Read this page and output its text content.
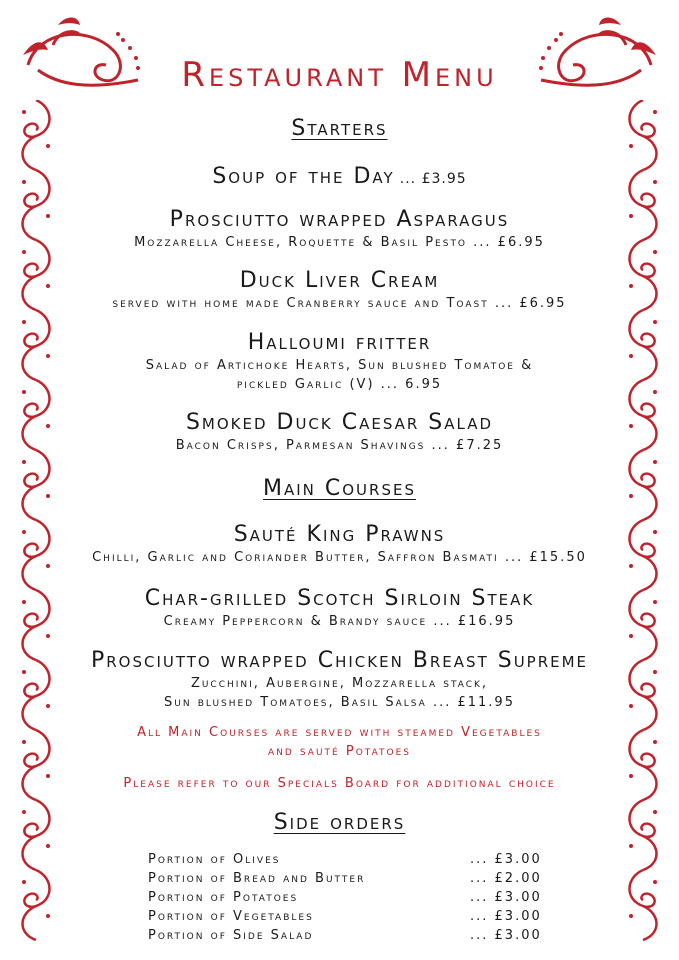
Restaurant Menu
Starters
Soup of the Day ... £3.95
Prosciutto wrapped Asparagus
Mozzarella Cheese, Roquette & Basil Pesto ... £6.95
Duck Liver Cream
served with home made Cranberry sauce and Toast ... £6.95
Halloumi fritter
Salad of Artichoke Hearts, Sun blushed Tomatoe &
pickled Garlic (V) ... 6.95
Smoked Duck Caesar Salad
Bacon Crisps, Parmesan Shavings ... £7.25
Main Courses
Sauté King Prawns
Chilli, Garlic and Coriander Butter, Saffron Basmati ... £15.50
Char-grilled Scotch Sirloin Steak
Creamy Peppercorn & Brandy sauce ... £16.95
Prosciutto wrapped Chicken Breast Supreme
Zucchini, Aubergine, Mozzarella stack,
Sun blushed Tomatoes, Basil Salsa ... £11.95
All Main Courses are served with steamed Vegetables
and sauté Potatoes
Please refer to our Specials Board for additional choice
Side orders
Portion of Olives	... £3.00
Portion of Bread and Butter	... £2.00
Portion of Potatoes	... £3.00
Portion of Vegetables	... £3.00
Portion of Side Salad	... £3.00
